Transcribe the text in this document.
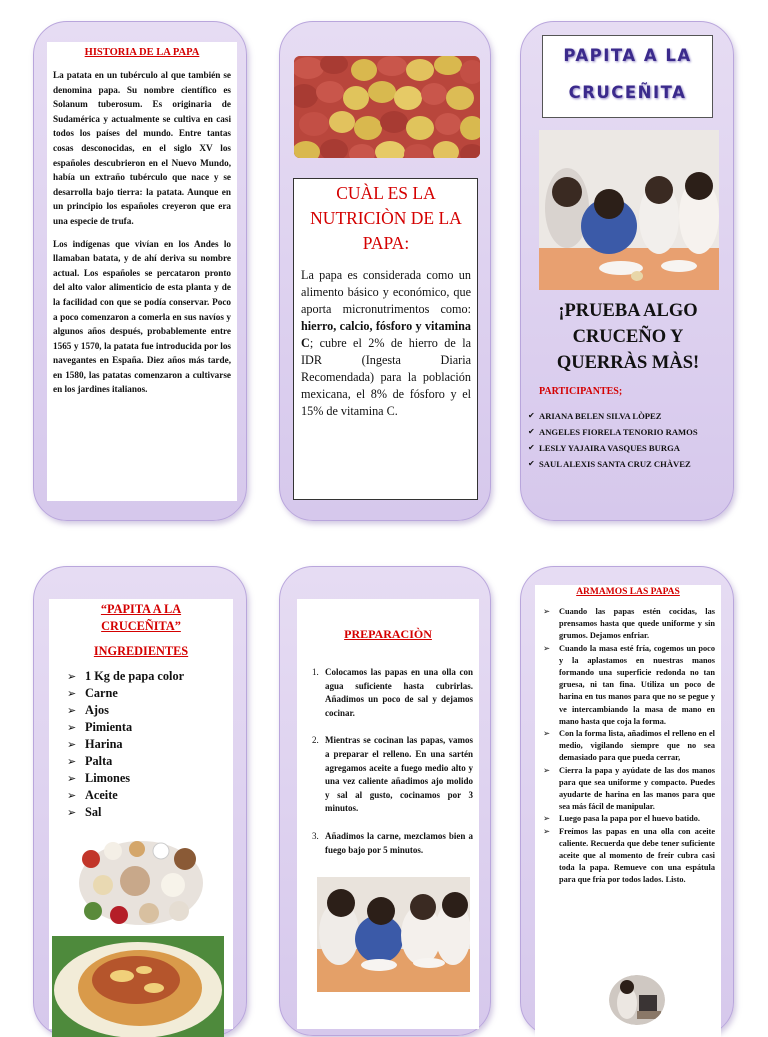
HISTORIA DE LA PAPA
La patata en un tubérculo al que también se denomina papa. Su nombre científico es Solanum tuberosum. Es originaria de Sudamérica y actualmente se cultiva en casi todos los países del mundo. Entre tantas cosas desconocidas, en el siglo XV los españoles descubrieron en el Nuevo Mundo, había un extraño tubérculo que nace y se desarrolla bajo tierra: la patata. Aunque en un principio los españoles creyeron que era una especie de trufa.
Los indígenas que vivían en los Andes lo llamaban batata, y de ahí deriva su nombre actual. Los españoles se percataron pronto del alto valor alimenticio de esta planta y de la facilidad con que se podía conservar. Poco a poco comenzaron a comerla en sus navíos y algunos años después, probablemente entre 1565 y 1570, la patata fue introducida por los navegantes en España. Diez años más tarde, en 1580, las patatas comenzaron a cultivarse en los jardines italianos.
CUÀL ES LA NUTRICIÒN DE LA PAPA:
La papa es considerada como un alimento básico y económico, que aporta micronutrimentos como: hierro, calcio, fósforo y vitamina C; cubre el 2% de hierro de la IDR (Ingesta Diaria Recomendada) para la población mexicana, el 8% de fósforo y el 15% de vitamina C.
PAPITA A LA
CRUCEÑITA
¡PRUEBA ALGO CRUCEÑO Y QUERRÀS MÀS!
PARTICIPANTES;
✔ ARIANA BELEN SILVA LÒPEZ
✔ ANGELES FIORELA TENORIO RAMOS
✔ LESLY YAJAIRA VASQUES BURGA
✔ SAUL ALEXIS SANTA CRUZ CHÀVEZ
“PAPITA A LA CRUCEÑITA”
INGREDIENTES
➢ 1 Kg de papa color
➢ Carne
➢ Ajos
➢ Pimienta
➢ Harina
➢ Palta
➢ Limones
➢ Aceite
➢ Sal
PREPARACIÒN
1. Colocamos las papas en una olla con agua suficiente hasta cubrirlas. Añadimos un poco de sal y dejamos cocinar.
2. Mientras se cocinan las papas, vamos a preparar el relleno. En una sartén agregamos aceite a fuego medio alto y una vez caliente añadimos ajo molido y sal al gusto, cocinamos por 3 minutos.
3. Añadimos la carne, mezclamos bien a fuego bajo por 5 minutos.
ARMAMOS LAS PAPAS
➢ Cuando las papas estén cocidas, las prensamos hasta que quede uniforme y sin grumos. Dejamos enfriar.
➢ Cuando la masa esté fría, cogemos un poco y la aplastamos en nuestras manos formando una superficie redonda no tan gruesa, ni tan fina. Utiliza un poco de harina en tus manos para que no se pegue y ve intercambiando la masa de mano en mano hasta que coja la forma.
➢ Con la forma lista, añadimos el relleno en el medio, vigilando siempre que no sea demasiado para que pueda cerrar,
➢ Cierra la papa y ayúdate de las dos manos para que sea uniforme y compacto. Puedes ayudarte de harina en las manos para que sea más fácil de manipular.
➢ Luego pasa la papa por el huevo batido.
➢ Freímos las papas en una olla con aceite caliente. Recuerda que debe tener suficiente aceite que al momento de freír cubra casi toda la papa. Remueve con una espátula para que fría por todos lados. Listo.
